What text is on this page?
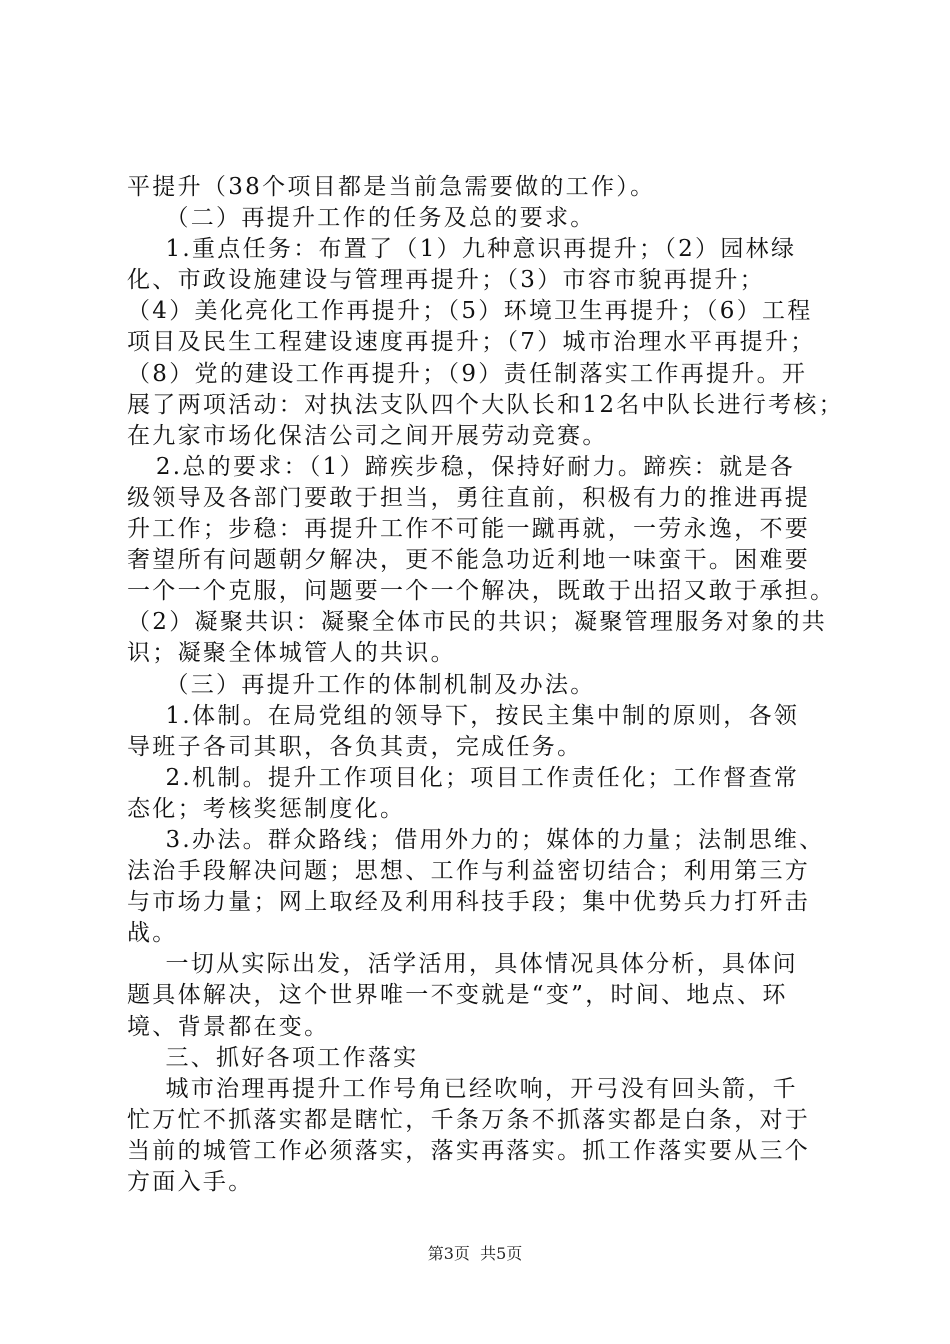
平提升（38个项目都是当前急需要做的工作）。
（二）再提升工作的任务及总的要求。
1.重点任务：布置了（1）九种意识再提升；（2）园林绿
化、市政设施建设与管理再提升；（3）市容市貌再提升；
（4）美化亮化工作再提升；（5）环境卫生再提升；（6）工程
项目及民生工程建设速度再提升；（7）城市治理水平再提升；
（8）党的建设工作再提升；（9）责任制落实工作再提升。开
展了两项活动：对执法支队四个大队长和12名中队长进行考核；
在九家市场化保洁公司之间开展劳动竞赛。
2.总的要求：（1）蹄疾步稳，保持好耐力。蹄疾：就是各
级领导及各部门要敢于担当，勇往直前，积极有力的推进再提
升工作；步稳：再提升工作不可能一蹴再就，一劳永逸，不要
奢望所有问题朝夕解决，更不能急功近利地一味蛮干。困难要
一个一个克服，问题要一个一个解决，既敢于出招又敢于承担。
（2）凝聚共识：凝聚全体市民的共识；凝聚管理服务对象的共
识；凝聚全体城管人的共识。
（三）再提升工作的体制机制及办法。
1.体制。在局党组的领导下，按民主集中制的原则，各领
导班子各司其职，各负其责，完成任务。
2.机制。提升工作项目化；项目工作责任化；工作督查常
态化；考核奖惩制度化。
3.办法。群众路线；借用外力的；媒体的力量；法制思维、
法治手段解决问题；思想、工作与利益密切结合；利用第三方
与市场力量；网上取经及利用科技手段；集中优势兵力打歼击
战。
一切从实际出发，活学活用，具体情况具体分析，具体问
题具体解决，这个世界唯一不变就是“变”，时间、地点、环
境、背景都在变。
三、抓好各项工作落实
城市治理再提升工作号角已经吹响，开弓没有回头箭，千
忙万忙不抓落实都是瞎忙，千条万条不抓落实都是白条，对于
当前的城管工作必须落实，落实再落实。抓工作落实要从三个
方面入手。
第3页  共5页
